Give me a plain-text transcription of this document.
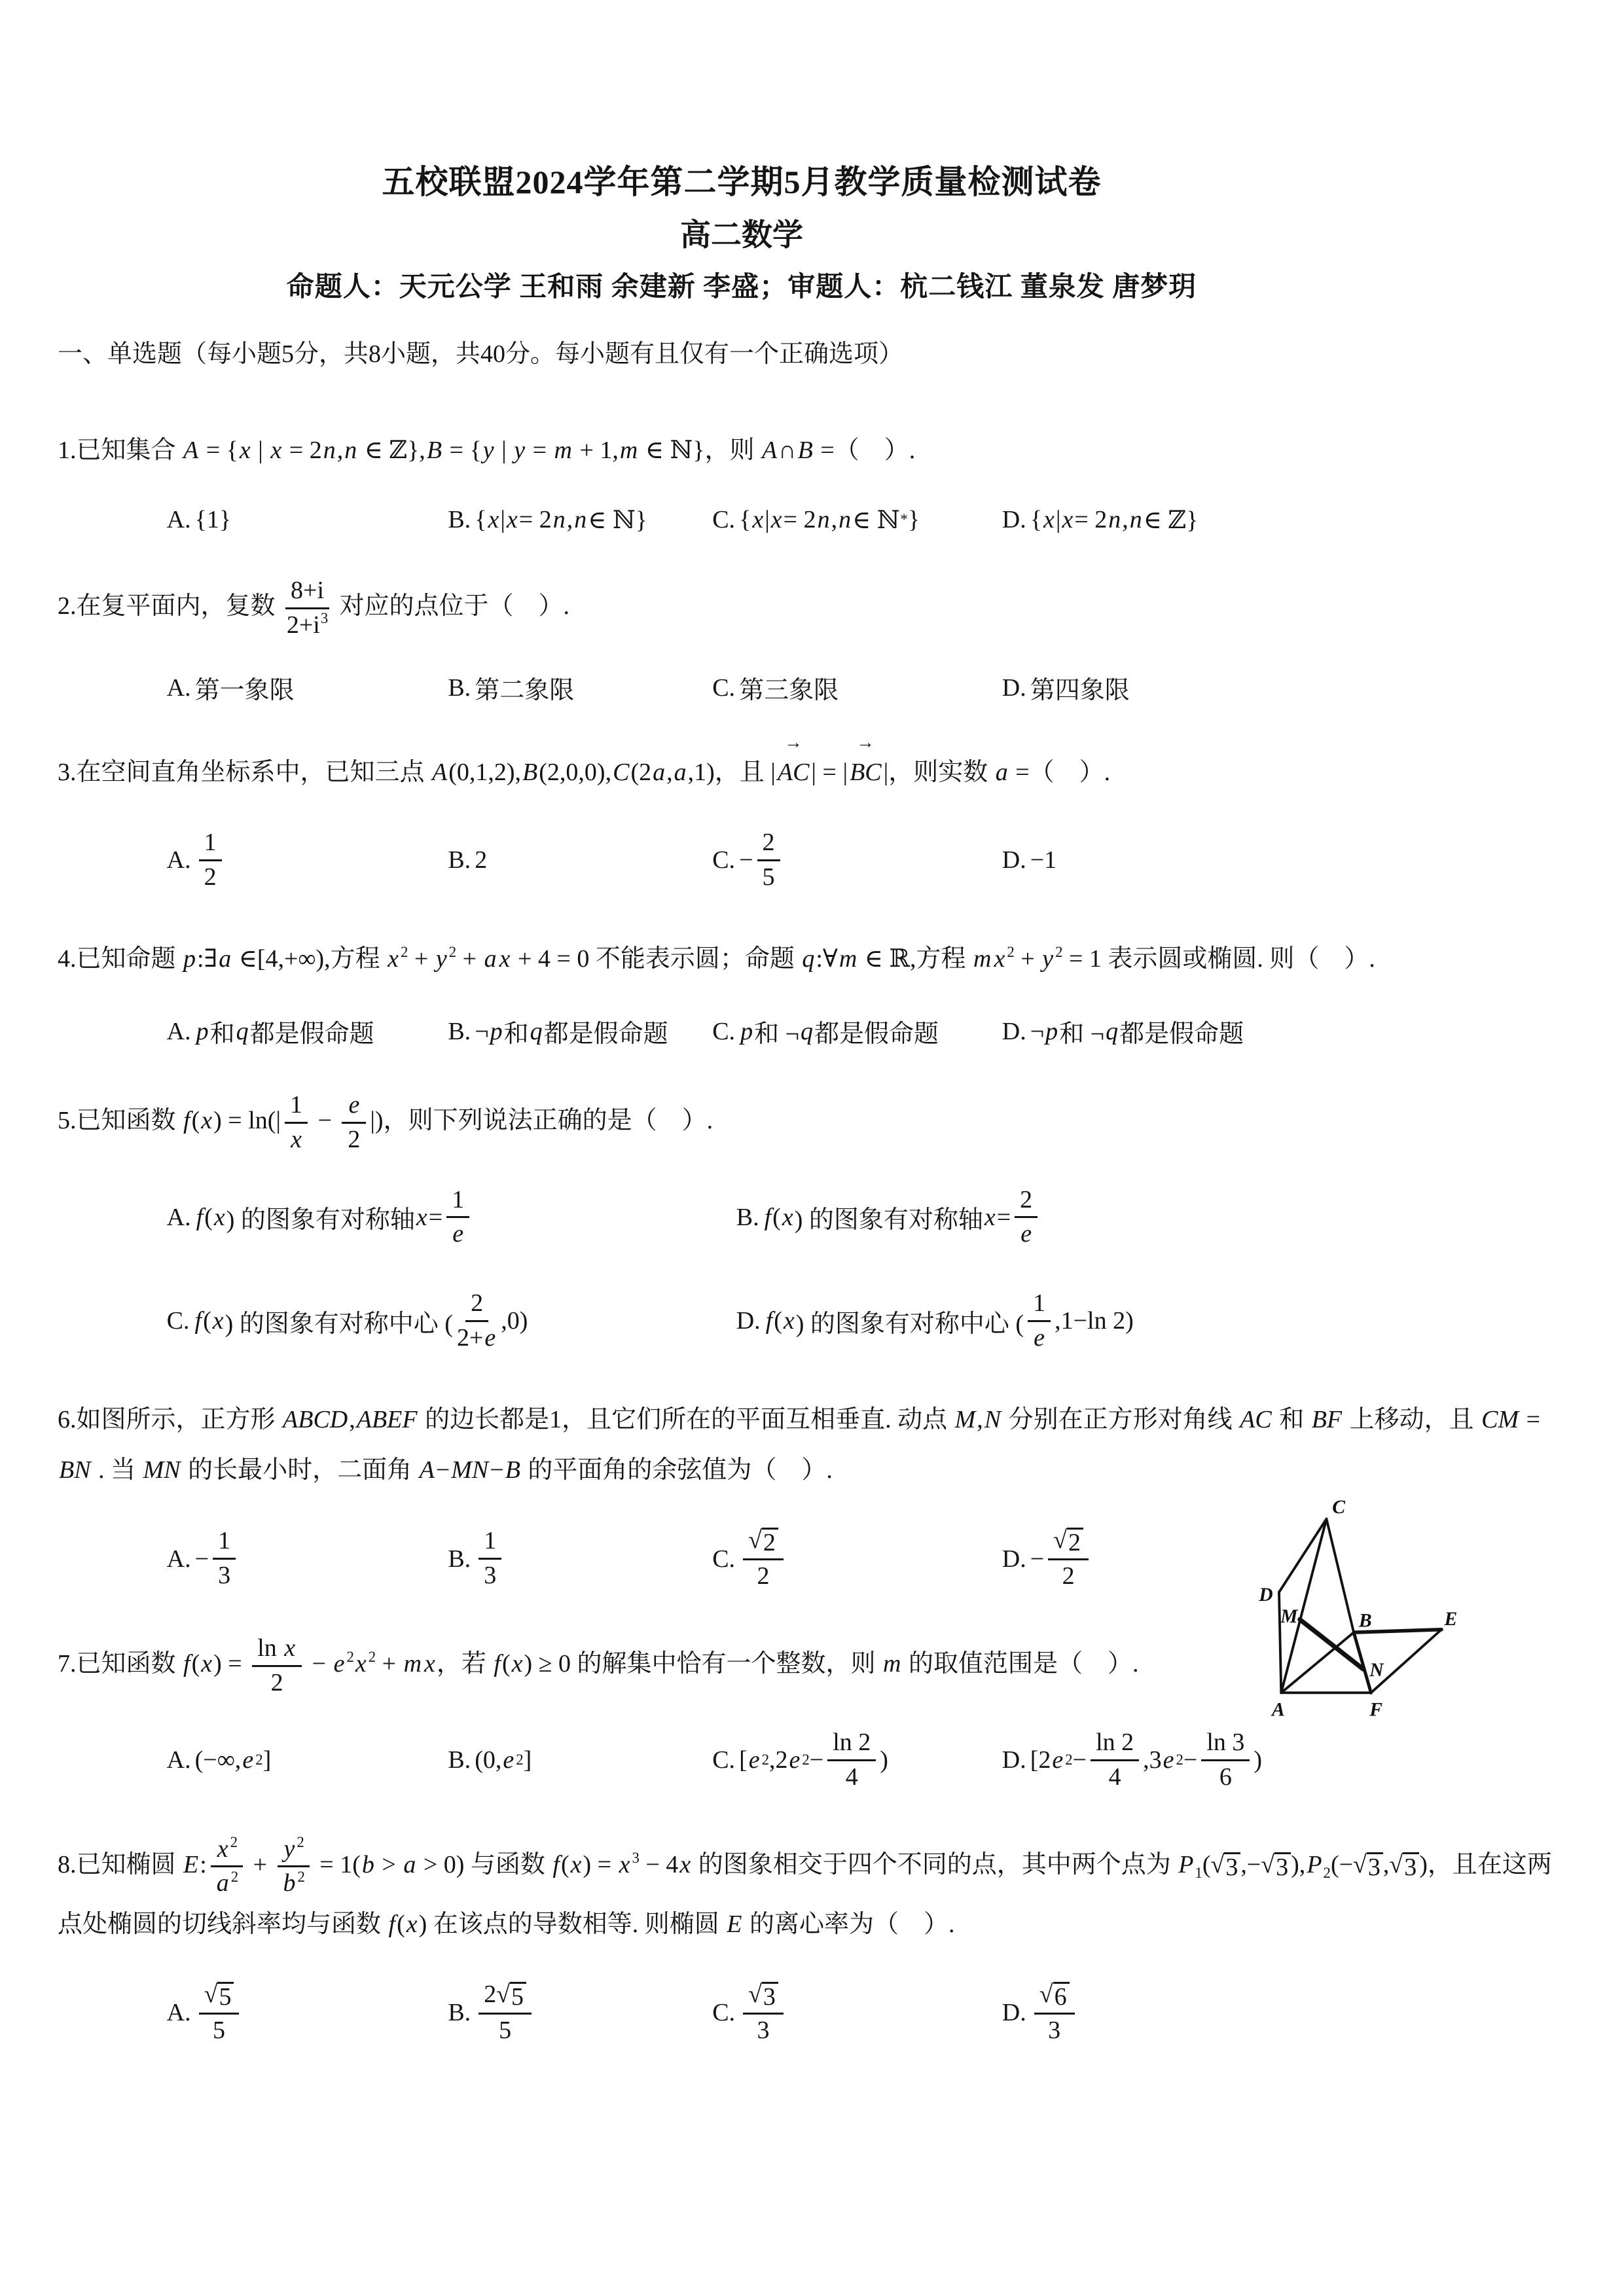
五校联盟2024学年第二学期5月教学质量检测试卷
高二数学
命题人：天元公学 王和雨 余建新 李盛；审题人：杭二钱江 董泉发 唐梦玥
一、单选题（每小题5分，共8小题，共40分。每小题有且仅有一个正确选项）

1.已知集合 A = {x | x = 2n,n ∈ ℤ},B = {y | y = m + 1,m ∈ ℕ}，则 A∩B =（　）.

A. {1}	B. { x | x = 2 n , n ∈ ℕ}	C. { x | x = 2 n , n ∈ ℕ * }	D. { x | x = 2 n , n ∈ ℤ}

2.在复平面内，复数 $\frac{8+i}{2+i^3}$ 对应的点位于（　）.

A. 第一象限	B. 第二象限	C. 第三象限	D. 第四象限

3.在空间直角坐标系中，已知三点 A(0,1,2),B(2,0,0),C(2a,a,1)，且 |
→
AC| = |
→
BC|，则实数 a =（　）.

A. $\frac{1}{2}$	B. 2	C. − $\frac{2}{5}$	D. −1

4.已知命题 p:∃a ∈[4,+∞),方程 x $^2$ + y $^2$ + a x + 4 = 0 不能表示圆；命题 q:∀m ∈ ℝ,方程 m x $^2$ + y $^2$ = 1 表示圆或椭圆. 则（　）.

A. p 和 q 都是假命题	B. ¬ p 和 q 都是假命题 C. p 和 ¬ q 都是假命题	D. ¬ p 和 ¬ q 都是假命题

5.已知函数 $f(x) = \ln(| \frac{1}{x} - \frac{e}{2}$ |)，则下列说法正确的是（　）.

A. f ( x ) 的图象有对称轴 $x = \frac{1}{e}$	B. f ( x ) 的图象有对称轴 $x = \frac{2}{e}$
C. f ( x ) 的图象有对称中心 ( $\frac{2}{2+e} ,0$)	D. f ( x ) 的图象有对称中心 ( $\frac{1}{e} ,1-\ln$ 2)

6.如图所示，正方形 ABCD,ABEF 的边长都是1，且它们所在的平面互相垂直. 动点 M,N 分别在正方形对角线 AC 和 BF 上移动，且 CM = BN . 当 MN 的长最小时，二面角 A−MN−B 的平面角的余弦值为（　）.

A. − $\frac{1}{3}$	B. $\frac{1}{3}$	C. $\frac{√ 2}{2}$	D. − $\frac{√ 2}{2}$
A
B
C
D
E
F
M
N

7.已知函数 $f(x) = \frac{\text{ln x}}{2} - e$ $^2$x $^2$ + m x，若 f(x) ≥ 0 的解集中恰有一个整数，则 m 的取值范围是（　）.

A. (−∞, e 2 ]	B. (0, e 2 ]	C. [ e 2 ,2 e $2 - \frac{\ln 2}{4}$ )	D. [2 e $2 - \frac{\ln 2}{4} ,3$ e $2 - \frac{\ln 3}{6}$ )

8.已知椭圆 E: $\frac{x ^2}{a ^2} + \frac{y ^2}{b ^2} = 1(b > a > 0)$ 与函数 f(x) = x $^3$ − 4x 的图象相交于四个不同的点，其中两个点为 $P_1$( √ 3 ,− √ 3 )$,P_2(-$ √ 3 , √ 3 )，且在这两点处椭圆的切线斜率均与函数 f(x) 在该点的导数相等. 则椭圆 E 的离心率为（　）.

A. $\frac{√ 5}{5}$	B. $\frac{2 √ 5}{5}$	C. $\frac{√ 3}{3}$	D. $\frac{√ 6}{3}$
